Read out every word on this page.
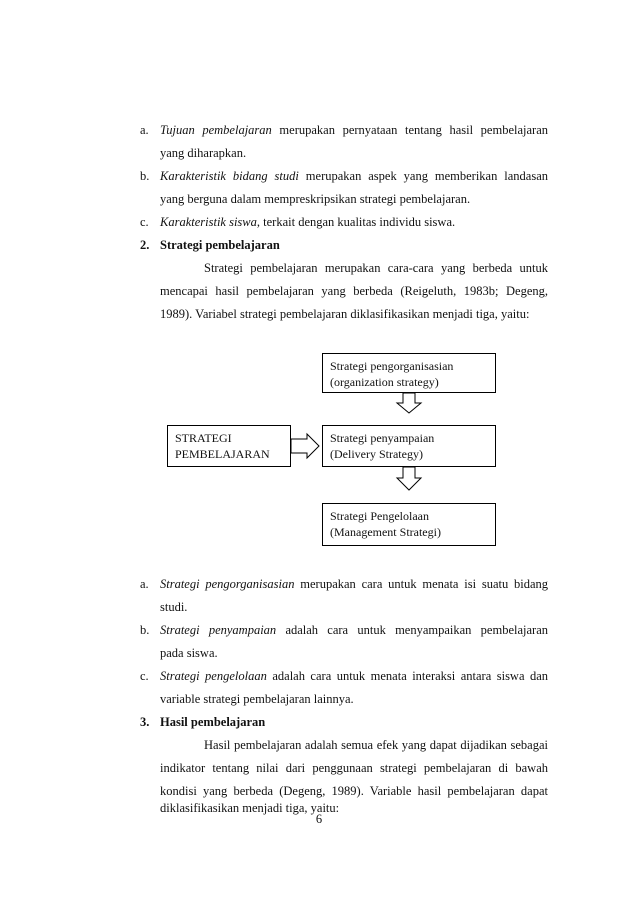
a. Tujuan pembelajaran merupakan pernyataan tentang hasil pembelajaran
yang diharapkan.
b. Karakteristik bidang studi merupakan aspek yang memberikan landasan
yang berguna dalam mempreskripsikan strategi pembelajaran.
c. Karakteristik siswa, terkait dengan kualitas individu siswa.
2. Strategi pembelajaran
Strategi pembelajaran merupakan cara-cara yang berbeda untuk
mencapai hasil pembelajaran yang berbeda (Reigeluth, 1983b; Degeng,
1989). Variabel strategi pembelajaran diklasifikasikan menjadi tiga, yaitu:
STRATEGI
PEMBELAJARAN
Strategi pengorganisasian
(organization strategy)
Strategi penyampaian
(Delivery Strategy)
Strategi Pengelolaan
(Management Strategi)
a. Strategi pengorganisasian merupakan cara untuk menata isi suatu bidang
studi.
b. Strategi penyampaian adalah cara untuk menyampaikan pembelajaran
pada siswa.
c. Strategi pengelolaan adalah cara untuk menata interaksi antara siswa dan
variable strategi pembelajaran lainnya.
3. Hasil pembelajaran
Hasil pembelajaran adalah semua efek yang dapat dijadikan sebagai
indikator tentang nilai dari penggunaan strategi pembelajaran di bawah
kondisi yang berbeda (Degeng, 1989). Variable hasil pembelajaran dapat
diklasifikasikan menjadi tiga, yaitu:
6
